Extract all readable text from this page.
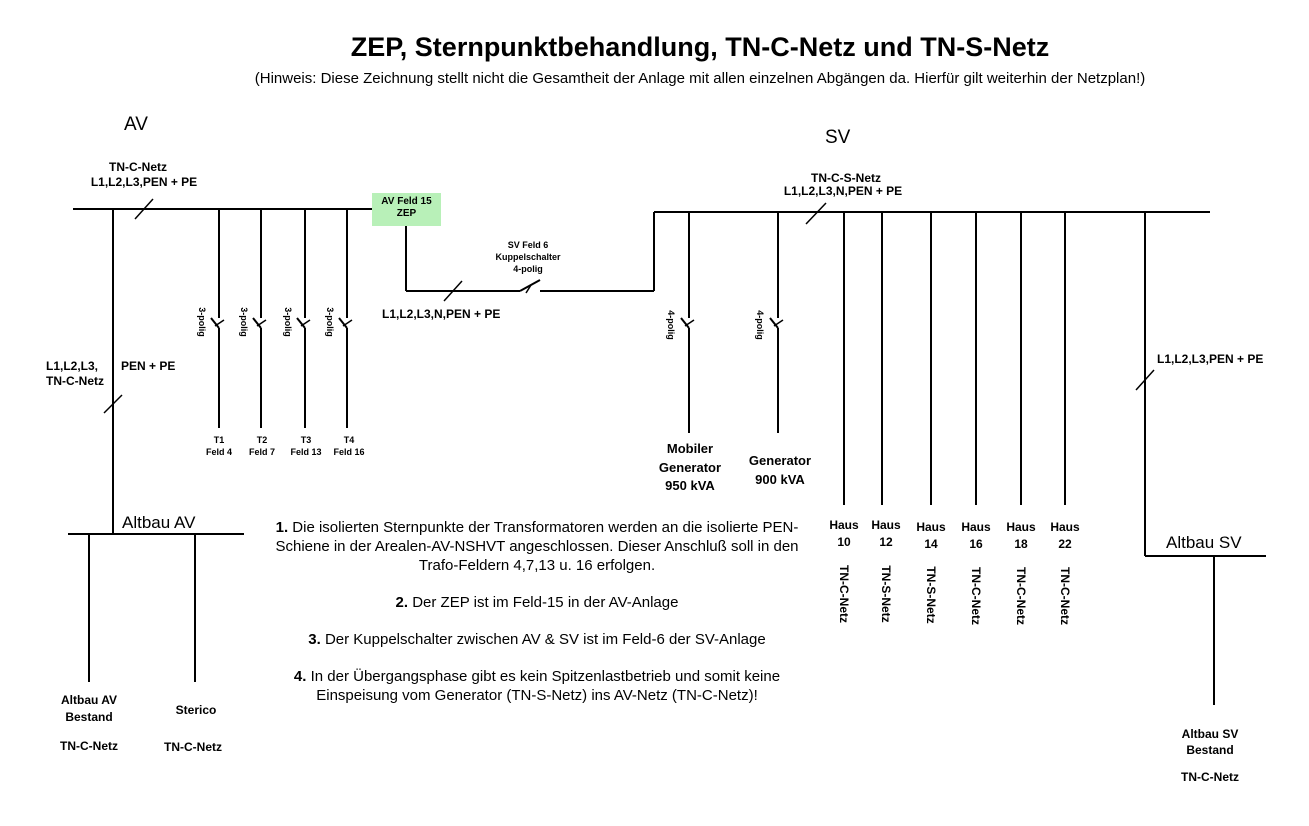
ZEP, Sternpunktbehandlung, TN-C-Netz und TN-S-Netz
(Hinweis: Diese Zeichnung stellt nicht die Gesamtheit der Anlage mit allen einzelnen Abgängen da. Hierfür gilt weiterhin der Netzplan!)
AV
TN-C-Netz
L1,L2,L3,PEN + PE
L1,L2,L3,
TN-C-Netz
PEN + PE
AV Feld 15
ZEP
L1,L2,L3,N,PEN + PE
3-polig	3-polig	3-polig	3-polig
T1
Feld 4
T2
Feld 7
T3
Feld 13
T4
Feld 16
SV Feld 6
Kuppelschalter
4-polig
Altbau AV
Altbau AV
Bestand
TN-C-Netz
Sterico
TN-C-Netz
SV
TN-C-S-Netz
L1,L2,L3,N,PEN + PE
L1,L2,L3,PEN + PE
4-polig	4-polig
Mobiler
Generator
950 kVA
Generator
900 kVA
Haus
10
TN-C-Netz
Haus
12
TN-S-Netz
Haus
14
TN-S-Netz
Haus
16
TN-C-Netz
Haus
18
TN-C-Netz
Haus
22
TN-C-Netz
Altbau SV
Altbau SV
Bestand
TN-C-Netz

1. Die isolierten Sternpunkte der Transformatoren werden an die isolierte PEN-Schiene in der Arealen-AV-NSHVT angeschlossen. Dieser Anschluß soll in den Trafo-Feldern 4,7,13 u. 16 erfolgen.

2. Der ZEP ist im Feld-15 in der AV-Anlage

3. Der Kuppelschalter zwischen AV & SV ist im Feld-6 der SV-Anlage

4. In der Übergangsphase gibt es kein Spitzenlastbetrieb und somit keine Einspeisung vom Generator (TN-S-Netz) ins AV-Netz (TN-C-Netz)!
